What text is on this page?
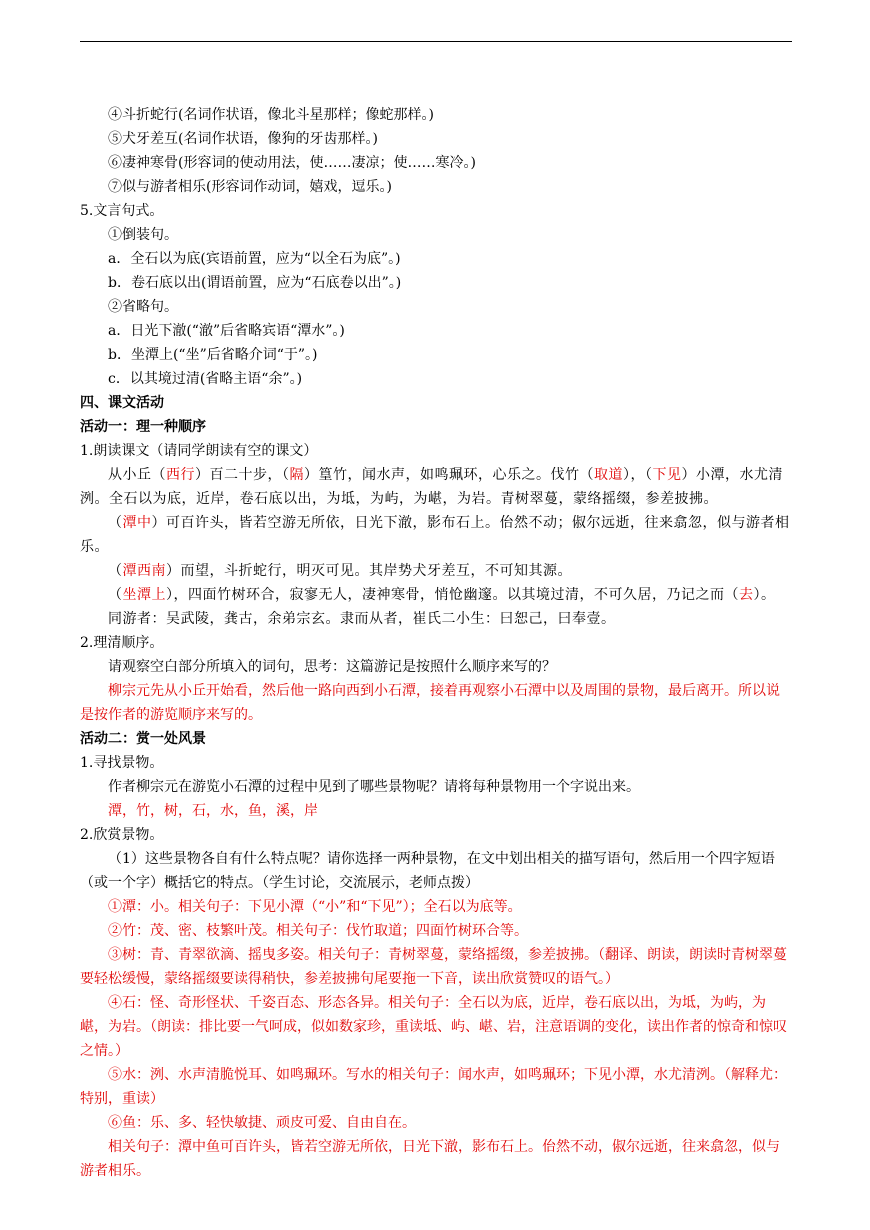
④斗折蛇行(名词作状语，像北斗星那样；像蛇那样。)

⑤犬牙差互(名词作状语，像狗的牙齿那样。)

⑥凄神寒骨(形容词的使动用法，使……凄凉；使……寒冷。)

⑦似与游者相乐(形容词作动词，嬉戏，逗乐。)

5.文言句式。

①倒装句。

a．全石以为底(宾语前置，应为“以全石为底”。)

b．卷石底以出(谓语前置，应为“石底卷以出”。)

②省略句。

a．日光下澈(“澈”后省略宾语“潭水”。)

b．坐潭上(“坐”后省略介词“于”。)

c．以其境过清(省略主语“余”。)

四、课文活动

活动一：理一种顺序

1.朗读课文（请同学朗读有空的课文）

从小丘（西行）百二十步，（隔）篁竹，闻水声，如鸣珮环，心乐之。伐竹（取道），（下见）小潭，水尤清洌。全石以为底，近岸，卷石底以出，为坻，为屿，为嵁，为岩。青树翠蔓，蒙络摇缀，参差披拂。

（潭中）可百许头，皆若空游无所依，日光下澈，影布石上。佁然不动；俶尔远逝，往来翕忽，似与游者相乐。

（潭西南）而望，斗折蛇行，明灭可见。其岸势犬牙差互，不可知其源。

（坐潭上），四面竹树环合，寂寥无人，凄神寒骨，悄怆幽邃。以其境过清，不可久居，乃记之而（去）。

同游者：吴武陵，龚古，余弟宗玄。隶而从者，崔氏二小生：曰恕己，曰奉壹。

2.理清顺序。

请观察空白部分所填入的词句，思考：这篇游记是按照什么顺序来写的？

柳宗元先从小丘开始看，然后他一路向西到小石潭，接着再观察小石潭中以及周围的景物，最后离开。所以说是按作者的游览顺序来写的。

活动二：赏一处风景

1.寻找景物。

作者柳宗元在游览小石潭的过程中见到了哪些景物呢？请将每种景物用一个字说出来。

潭，竹，树，石，水，鱼，溪，岸

2.欣赏景物。

（1）这些景物各自有什么特点呢？请你选择一两种景物，在文中划出相关的描写语句，然后用一个四字短语（或一个字）概括它的特点。（学生讨论，交流展示，老师点拨）

①潭：小。相关句子：下见小潭（“小”和“下见”）；全石以为底等。

②竹：茂、密、枝繁叶茂。相关句子：伐竹取道；四面竹树环合等。

③树：青、青翠欲滴、摇曳多姿。相关句子：青树翠蔓，蒙络摇缀，参差披拂。（翻译、朗读，朗读时青树翠蔓要轻松缓慢，蒙络摇缀要读得稍快，参差披拂句尾要拖一下音，读出欣赏赞叹的语气。）

④石：怪、奇形怪状、千姿百态、形态各异。相关句子：全石以为底，近岸，卷石底以出，为坻，为屿，为嵁，为岩。（朗读：排比要一气呵成，似如数家珍，重读坻、屿、嵁、岩，注意语调的变化，读出作者的惊奇和惊叹之情。）

⑤水：洌、水声清脆悦耳、如鸣珮环。写水的相关句子：闻水声，如鸣珮环；下见小潭，水尤清洌。（解释尤：特别，重读）

⑥鱼：乐、多、轻快敏捷、顽皮可爱、自由自在。

相关句子：潭中鱼可百许头，皆若空游无所依，日光下澈，影布石上。佁然不动，俶尔远逝，往来翕忽，似与游者相乐。
